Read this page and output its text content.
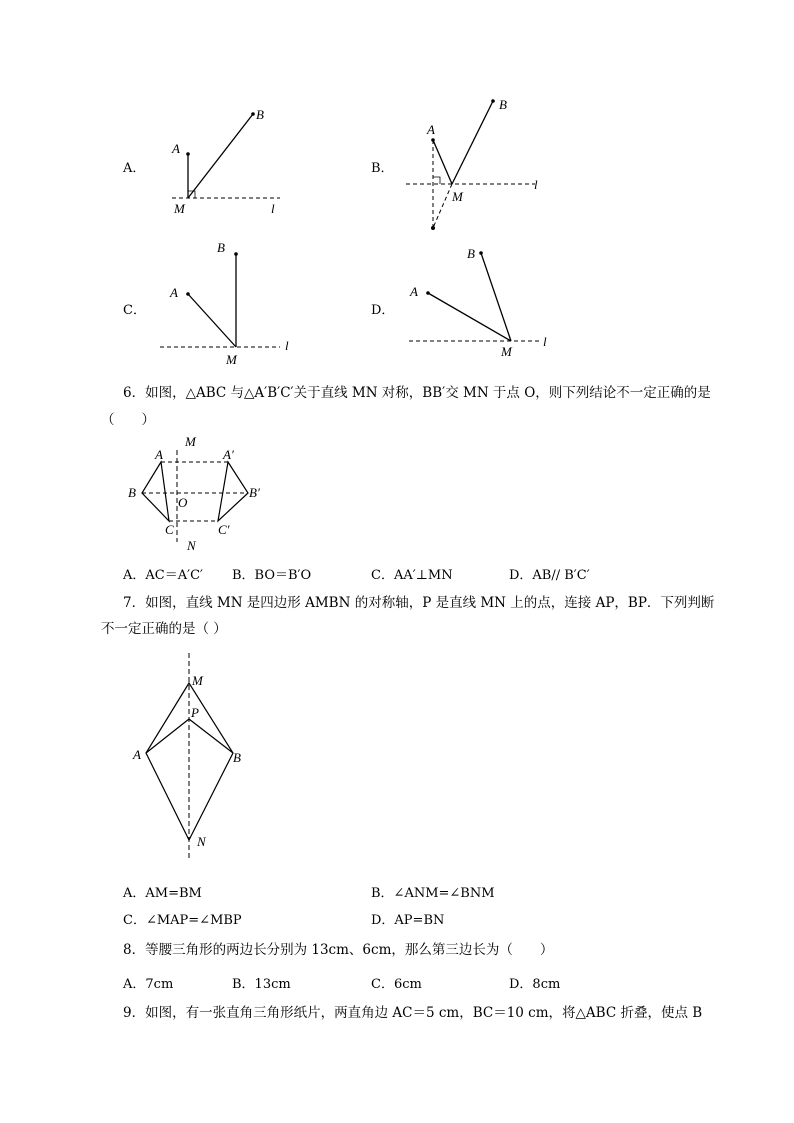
A．
A
B
M	l
B．
A
B
M
l
C．
A
B
M
l
D．
A
B
M
l
6．如图，△ABC 与△A′B′C′关于直线 MN 对称，BB′交 MN 于点 O，则下列结论不一定正确的是
（　　）
M
N
A	A′
B	B′
C	C′
O
A．AC＝A′C′ B．BO＝B′O	C．AA′⊥MN	D．AB// B′C′
7．如图，直线 MN 是四边形 AMBN 的对称轴，P 是直线 MN 上的点，连接 AP，BP．下列判断
不一定正确的是（ ）
M
P
A	B
N
A．AM=BM	B．∠ANM=∠BNM
C．∠MAP=∠MBP	D．AP=BN
8．等腰三角形的两边长分别为 13cm、6cm，那么第三边长为（　　）
A．7cm	B．13cm	C．6cm	D．8cm
9．如图，有一张直角三角形纸片，两直角边 AC＝5 cm，BC＝10 cm，将△ABC 折叠，使点 B
